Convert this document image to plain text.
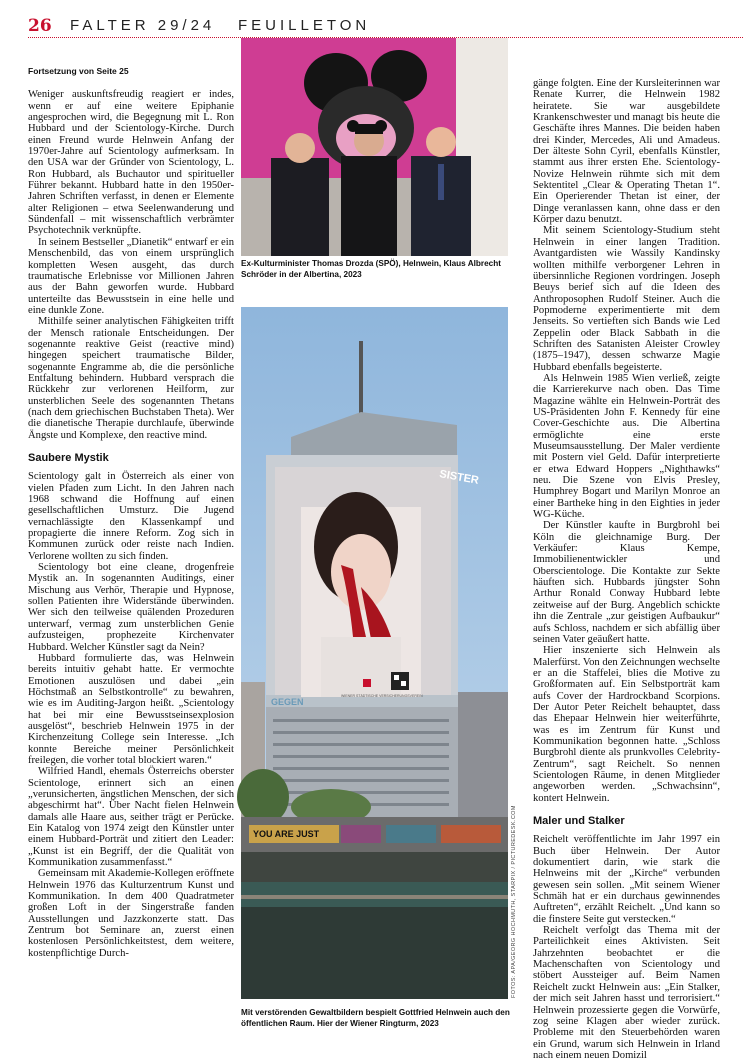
26 FALTER 29/24 FEUILLETON
Fortsetzung von Seite 25

Weniger auskunftsfreudig reagiert er indes, wenn er auf eine weitere Epiphanie angesprochen wird, die Begegnung mit L. Ron Hubbard und der Scientology-Kirche. Durch einen Freund wurde Helnwein Anfang der 1970er-Jahre auf Scientology aufmerksam. In den USA war der Gründer von Scientology, L. Ron Hubbard, als Buchautor und spiritueller Führer bekannt. Hubbard hatte in den 1950er-Jahren Schriften verfasst, in denen er Elemente alter Religionen – etwa Seelenwanderung und Sündenfall – mit wissenschaftlich verbrämter Psychotechnik verknüpfte.

In seinem Bestseller „Dianetik“ entwarf er ein Menschenbild, das von einem ursprünglich kompletten Wesen ausgeht, das durch traumatische Erlebnisse vor Millionen Jahren aus der Bahn geworfen wurde. Hubbard unterteilte das Bewusstsein in eine helle und eine dunkle Zone.

Mithilfe seiner analytischen Fähigkeiten trifft der Mensch rationale Entscheidungen. Der sogenannte reaktive Geist (reactive mind) hingegen speichert traumatische Bilder, sogenannte Engramme ab, die die persönliche Entfaltung behindern. Hubbard versprach die Rückkehr zur verlorenen Heilform, zur unsterblichen Seele des sogenannten Thetans (nach dem griechischen Buchstaben Theta). Wer die dianetische Therapie durchlaufe, überwinde Ängste und Komplexe, den reactive mind.

Saubere Mystik

Scientology galt in Österreich als einer von vielen Pfaden zum Licht. In den Jahren nach 1968 schwand die Hoffnung auf einen gesellschaftlichen Umsturz. Die Jugend vernachlässigte den Klassenkampf und propagierte die innere Reform. Zog sich in Kommunen zurück oder reiste nach Indien. Verlorene wollten zu sich finden.

Scientology bot eine cleane, drogenfreie Mystik an. In sogenannten Auditings, einer Mischung aus Verhör, Therapie und Hypnose, sollen Patienten ihre Widerstände überwinden. Wer sich den teilweise quälenden Prozeduren unterwarf, vermag zum unsterblichen Genie aufzusteigen, prophezeite Kirchenvater Hubbard. Welcher Künstler sagt da Nein?

Hubbard formulierte das, was Helnwein bereits intuitiv gehabt hatte. Er vermochte Emotionen auszulösen und dabei „ein Höchstmaß an Selbstkontrolle“ zu bewahren, wie es im Auditing-Jargon heißt. „Scientology hat bei mir eine Bewusstseinsexplosion ausgelöst“, beschrieb Helnwein 1975 in der Kirchenzeitung College sein Interesse. „Ich konnte Bereiche meiner Persönlichkeit freilegen, die vorher total blockiert waren.“

Wilfried Handl, ehemals Österreichs oberster Scientologe, erinnert sich an einen „verunsicherten, ängstlichen Menschen, der sich abgeschirmt hat“. Über Nacht fielen Helnwein damals alle Haare aus, seither trägt er Perücke. Ein Katalog von 1974 zeigt den Künstler unter einem Hubbard-Porträt und zitiert den Leader: „Kunst ist ein Begriff, der die Qualität von Kommunikation zusammenfasst.“

Gemeinsam mit Akademie-Kollegen eröffnete Helnwein 1976 das Kulturzentrum Kunst und Kommunikation. In dem 400 Quadratmeter großen Loft in der Singerstraße fanden Ausstellungen und Jazzkonzerte statt. Das Zentrum bot Seminare an, zuerst einen kostenlosen Persönlichkeitstest, dem weitere, kostenpflichtige Durch-

Ex-Kulturminister Thomas Drozda (SPÖ), Helnwein, Klaus Albrecht Schröder in der Albertina, 2023
SISTER
GEGEN
WIENER STÄDTISCHE VERSICHERUNGSVEREIN
YOU ARE JUST	FOTOS: APA/GEORG HOCHMUTH, STARPIX / PICTUREDESK.COM
Mit verstörenden Gewaltbildern bespielt Gottfried Helnwein auch den öffentlichen Raum. Hier der Wiener Ringturm, 2023

gänge folgten. Eine der Kursleiterinnen war Renate Kurrer, die Helnwein 1982 heiratete. Sie war ausgebildete Krankenschwester und managt bis heute die Geschäfte ihres Mannes. Die beiden haben drei Kinder, Mercedes, Ali und Amadeus. Der älteste Sohn Cyril, ebenfalls Künstler, stammt aus ihrer ersten Ehe. Scientology-Novize Helnwein rühmte sich mit dem Sektentitel „Clear & Operating Thetan 1“. Ein Operierender Thetan ist einer, der Dinge veranlassen kann, ohne dass er den Körper dazu benutzt.

Mit seinem Scientology-Studium steht Helnwein in einer langen Tradition. Avantgardisten wie Wassily Kandinsky wollten mithilfe verborgener Lehren in übersinnliche Regionen vordringen. Joseph Beuys berief sich auf die Ideen des Anthroposophen Rudolf Steiner. Auch die Popmoderne experimentierte mit dem Jenseits. So vertieften sich Bands wie Led Zeppelin oder Black Sabbath in die Schriften des Satanisten Aleister Crowley (1875–1947), dessen schwarze Magie Hubbard ebenfalls begeisterte.

Als Helnwein 1985 Wien verließ, zeigte die Karrierekurve nach oben. Das Time Magazine wählte ein Helnwein-Porträt des US-Präsidenten John F. Kennedy für eine Cover-Geschichte aus. Die Albertina ermöglichte eine erste Museumsausstellung. Der Maler verdiente mit Postern viel Geld. Dafür interpretierte er etwa Edward Hoppers „Nighthawks“ neu. Die Szene von Elvis Presley, Humphrey Bogart und Marilyn Monroe an einer Bartheke hing in den Eighties in jeder WG-Küche.

Der Künstler kaufte in Burgbrohl bei Köln die gleichnamige Burg. Der Verkäufer: Klaus Kempe, Immobilienentwickler und Oberscientologe. Die Kontakte zur Sekte häuften sich. Hubbards jüngster Sohn Arthur Ronald Conway Hubbard lebte zeitweise auf der Burg. Angeblich schickte ihn die Zentrale „zur geistigen Aufbaukur“ aufs Schloss, nachdem er sich abfällig über seinen Vater geäußert hatte.

Hier inszenierte sich Helnwein als Malerfürst. Von den Zeichnungen wechselte er an die Staffelei, blies die Motive zu Großformaten auf. Ein Selbstporträt kam aufs Cover der Hardrockband Scorpions. Der Autor Peter Reichelt behauptet, dass das Ehepaar Helnwein hier weiterführte, was es im Zentrum für Kunst und Kommunikation begonnen hatte. „Schloss Burgbrohl diente als prunkvolles Celebrity-Zentrum“, sagt Reichelt. So nennen Scientologen Räume, in denen Mitglieder angeworben werden. „Schwachsinn“, kontert Helnwein.

Maler und Stalker

Reichelt veröffentlichte im Jahr 1997 ein Buch über Helnwein. Der Autor dokumentiert darin, wie stark die Helnweins mit der „Kirche“ verbunden gewesen sein sollen. „Mit seinem Wiener Schmäh hat er ein durchaus gewinnendes Auftreten“, erzählt Reichelt. „Und kann so die finstere Seite gut verstecken.“

Reichelt verfolgt das Thema mit der Parteilichkeit eines Aktivisten. Seit Jahrzehnten beobachtet er die Machenschaften von Scientology und stöbert Aussteiger auf. Beim Namen Reichelt zuckt Helnwein aus: „Ein Stalker, der mich seit Jahren hasst und terrorisiert.“ Helnwein prozessierte gegen die Vorwürfe, zog seine Klagen aber wieder zurück. Probleme mit den Steuerbehörden waren ein Grund, warum sich Helnwein in Irland nach einem neuen Domizil
